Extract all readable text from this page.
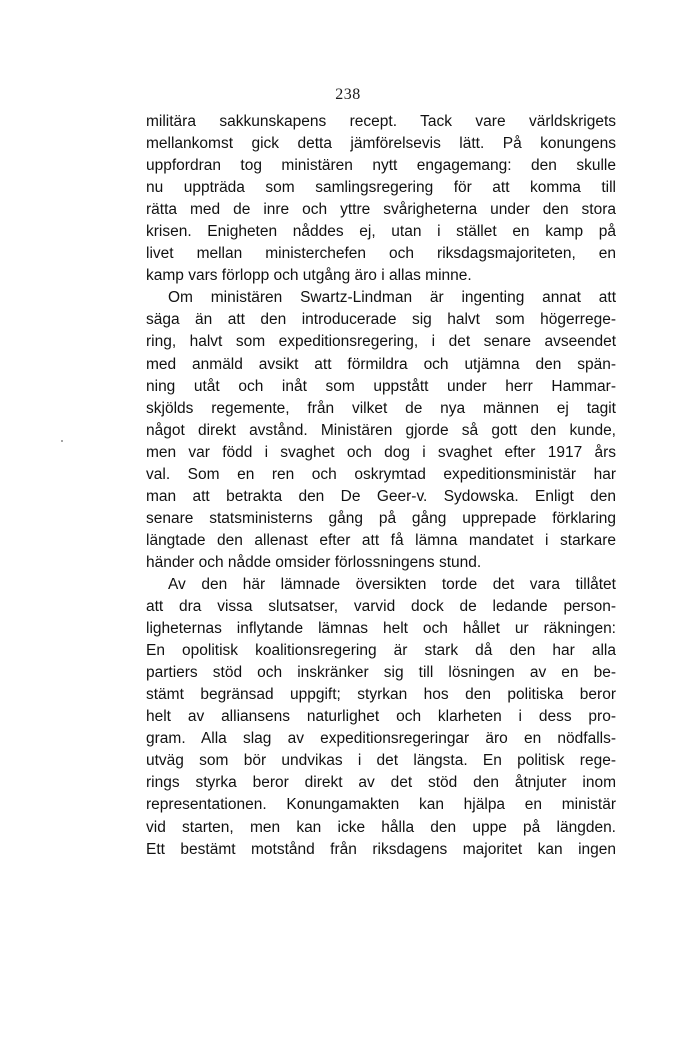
238
militära sakkunskapens recept. Tack vare världskrigets
mellankomst gick detta jämförelsevis lätt. På konungens
uppfordran tog ministären nytt engagemang: den skulle
nu uppträda som samlingsregering för att komma till
rätta med de inre och yttre svårigheterna under den stora
krisen. Enigheten nåddes ej, utan i stället en kamp på
livet mellan ministerchefen och riksdagsmajoriteten, en
kamp vars förlopp och utgång äro i allas minne.
Om ministären Swartz-Lindman är ingenting annat att
säga än att den introducerade sig halvt som högerrege-
ring, halvt som expeditionsregering, i det senare avseendet
med anmäld avsikt att förmildra och utjämna den spän-
ning utåt och inåt som uppstått under herr Hammar-
skjölds regemente, från vilket de nya männen ej tagit
något direkt avstånd. Ministären gjorde så gott den kunde,
men var född i svaghet och dog i svaghet efter 1917 års
val. Som en ren och oskrymtad expeditionsministär har
man att betrakta den De Geer-v. Sydowska. Enligt den
senare statsministerns gång på gång upprepade förklaring
längtade den allenast efter att få lämna mandatet i starkare
händer och nådde omsider förlossningens stund.
Av den här lämnade översikten torde det vara tillåtet
att dra vissa slutsatser, varvid dock de ledande person-
ligheternas inflytande lämnas helt och hållet ur räkningen:
En opolitisk koalitionsregering är stark då den har alla
partiers stöd och inskränker sig till lösningen av en be-
stämt begränsad uppgift; styrkan hos den politiska beror
helt av alliansens naturlighet och klarheten i dess pro-
gram. Alla slag av expeditionsregeringar äro en nödfalls-
utväg som bör undvikas i det längsta. En politisk rege-
rings styrka beror direkt av det stöd den åtnjuter inom
representationen. Konungamakten kan hjälpa en ministär
vid starten, men kan icke hålla den uppe på längden.
Ett bestämt motstånd från riksdagens majoritet kan ingen
